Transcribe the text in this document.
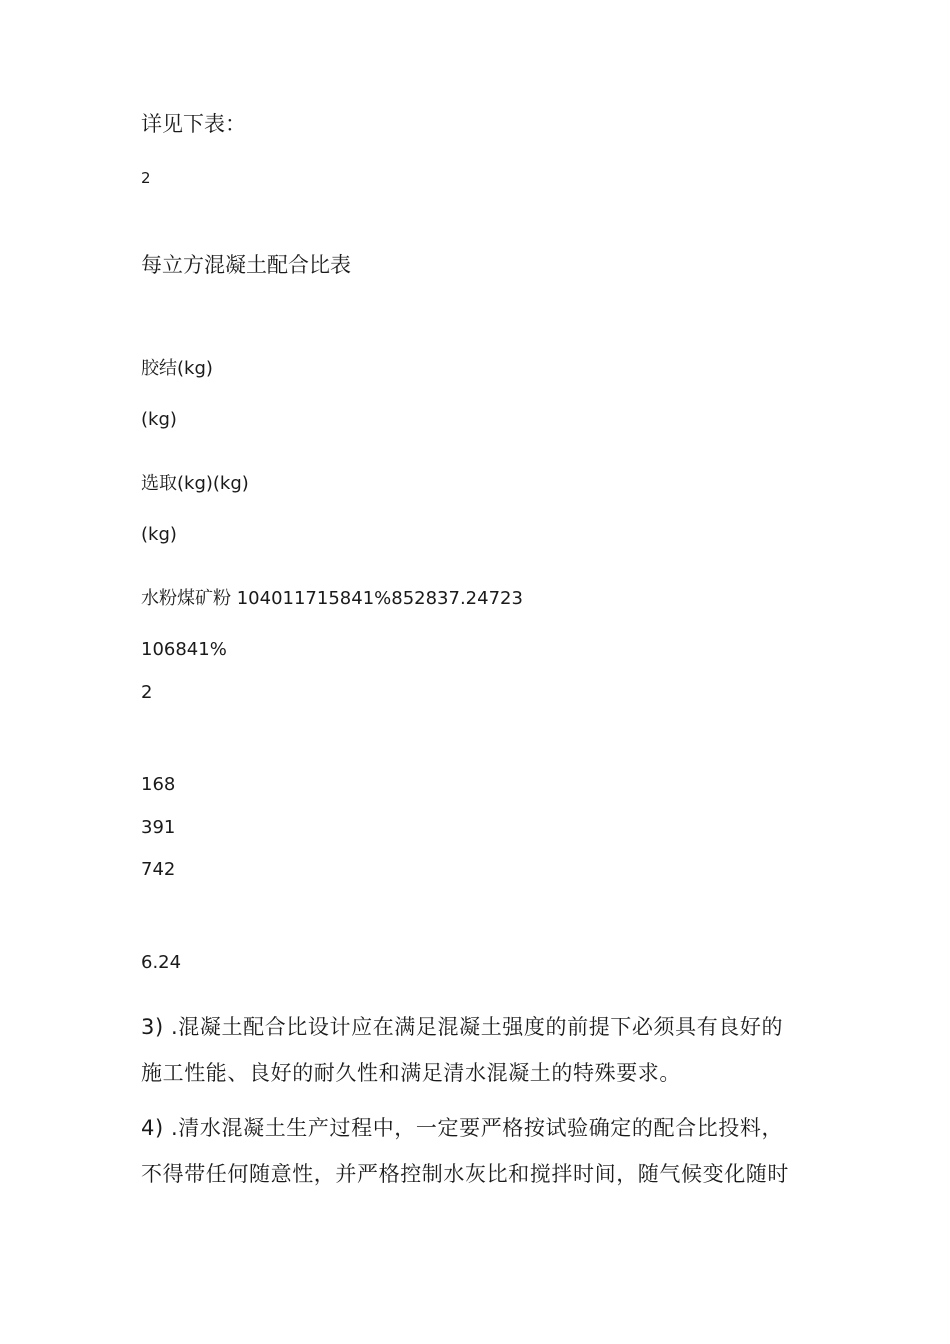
详见下表：
2
每立方混凝土配合比表
胶结(kg)
(kg)
选取(kg)(kg)
(kg)
水粉煤矿粉 104011715841%852837.24723
106841%
2
168
391
742
6.24
3) .混凝土配合比设计应在满足混凝土强度的前提下必须具有良好的
施工性能、良好的耐久性和满足清水混凝土的特殊要求。
4) .清水混凝土生产过程中，一定要严格按试验确定的配合比投料，
不得带任何随意性，并严格控制水灰比和搅拌时间，随气候变化随时
